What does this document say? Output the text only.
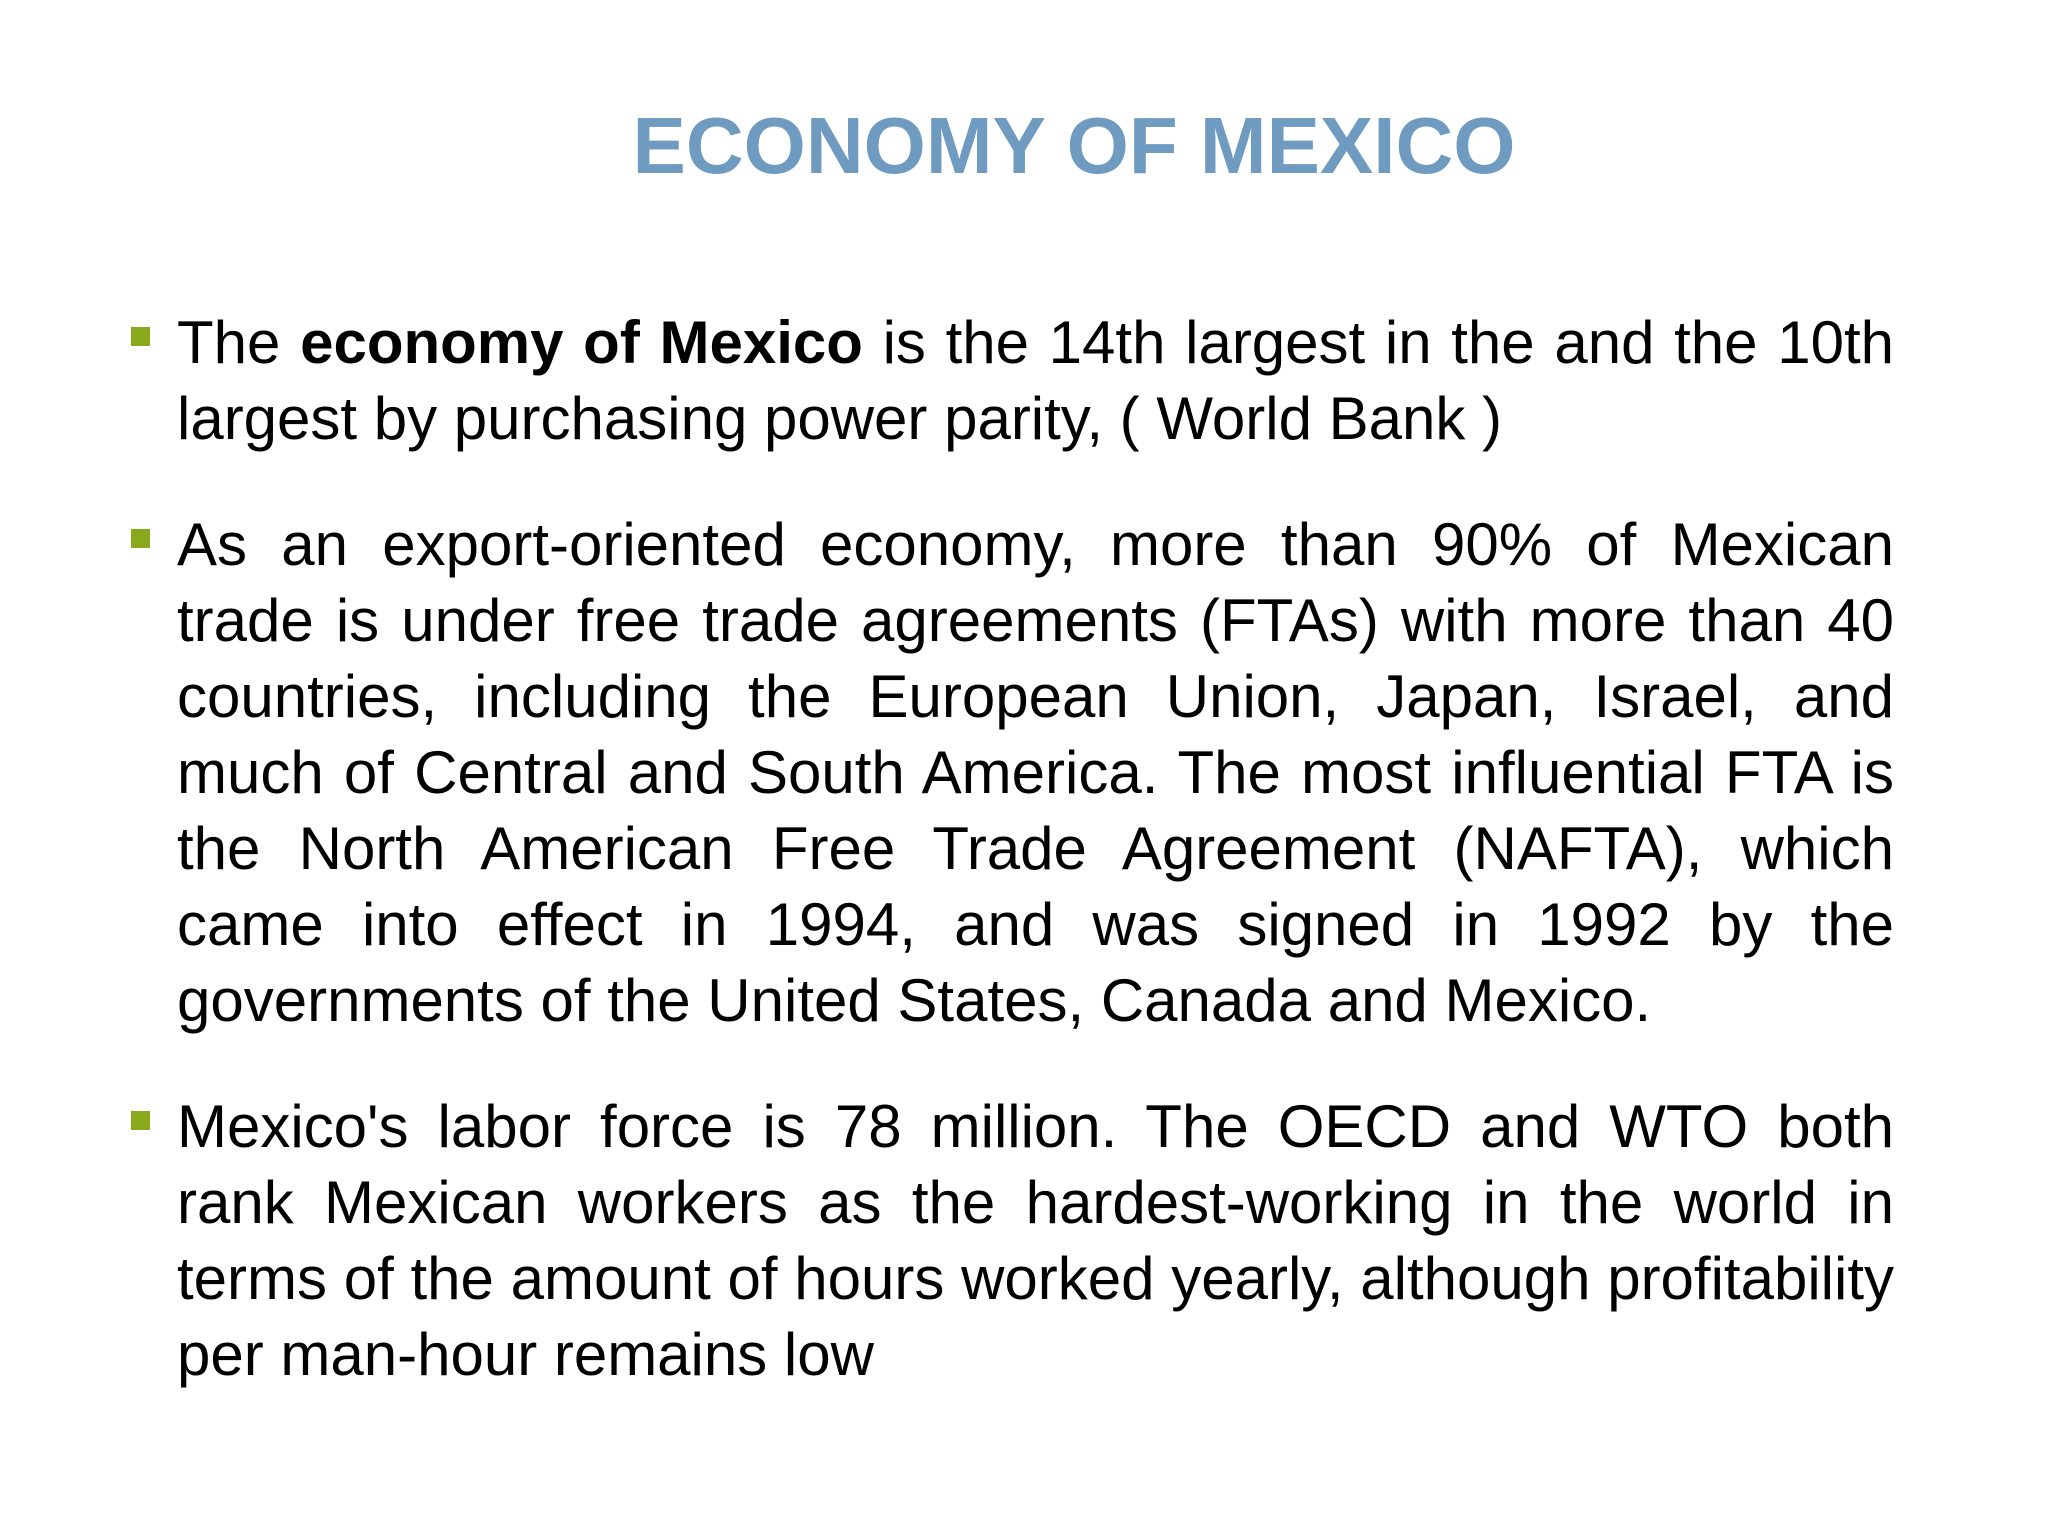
ECONOMY OF MEXICO

The economy of Mexico is the 14th largest in the and the 10th largest by purchasing power parity, ( World Bank )

As an export-oriented economy, more than 90% of Mexican trade is under free trade agreements (FTAs) with more than 40 countries, including the European Union, Japan, Israel, and much of Central and South America. The most influential FTA is the North American Free Trade Agreement (NAFTA), which came into effect in 1994, and was signed in 1992 by the governments of the United States, Canada and Mexico.

Mexico's labor force is 78 million. The OECD and WTO both rank Mexican workers as the hardest-working in the world in terms of the amount of hours worked yearly, although profitability per man-hour remains low
